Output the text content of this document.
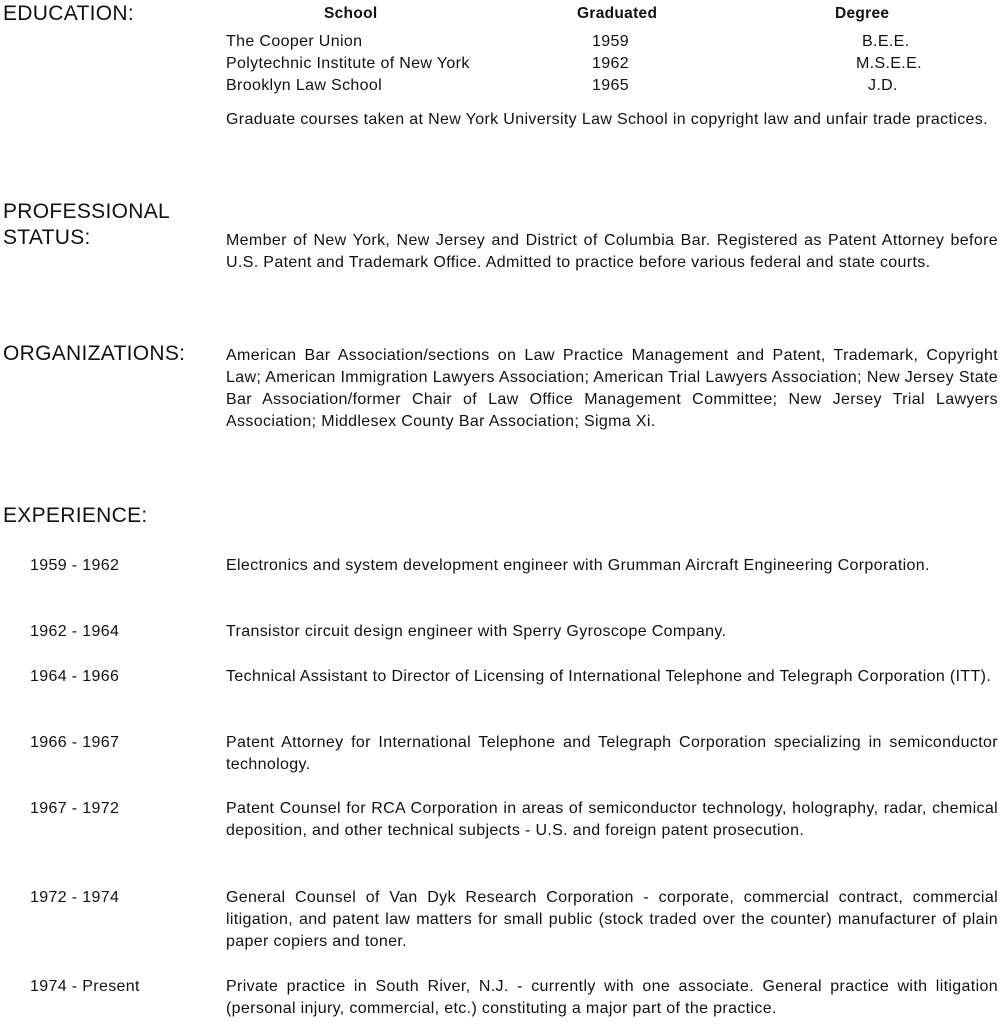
EDUCATION:	School	Graduated	Degree
The Cooper Union	1959	B.E.E.
Polytechnic Institute of New York	1962	M.S.E.E.
Brooklyn Law School	1965	J.D.

Graduate courses taken at New York University Law School in copyright law and unfair trade practices.

PROFESSIONAL
STATUS:	Member of New York, New Jersey and District of Columbia Bar. Registered as Patent Attorney before U.S. Patent and Trademark Office. Admitted to practice before various federal and state courts.

ORGANIZATIONS:	American Bar Association/sections on Law Practice Management and Patent, Trademark, Copyright Law; American Immigration Lawyers Association; American Trial Lawyers Association; New Jersey State Bar Association/former Chair of Law Office Management Committee; New Jersey Trial Lawyers Association; Middlesex County Bar Association; Sigma Xi.

EXPERIENCE:
1959 - 1962	Electronics and system development engineer with Grumman Aircraft Engineering Corporation.
1962 - 1964	Transistor circuit design engineer with Sperry Gyroscope Company.
1964 - 1966	Technical Assistant to Director of Licensing of International Telephone and Telegraph Corporation (ITT).
1966 - 1967	Patent Attorney for International Telephone and Telegraph Corporation specializing in semiconductor technology.
1967 - 1972	Patent Counsel for RCA Corporation in areas of semiconductor technology, holography, radar, chemical deposition, and other technical subjects - U.S. and foreign patent prosecution.
1972 - 1974	General Counsel of Van Dyk Research Corporation - corporate, commercial contract, commercial litigation, and patent law matters for small public (stock traded over the counter) manufacturer of plain paper copiers and toner.
1974 - Present	Private practice in South River, N.J. - currently with one associate. General practice with litigation (personal injury, commercial, etc.) constituting a major part of the practice.
